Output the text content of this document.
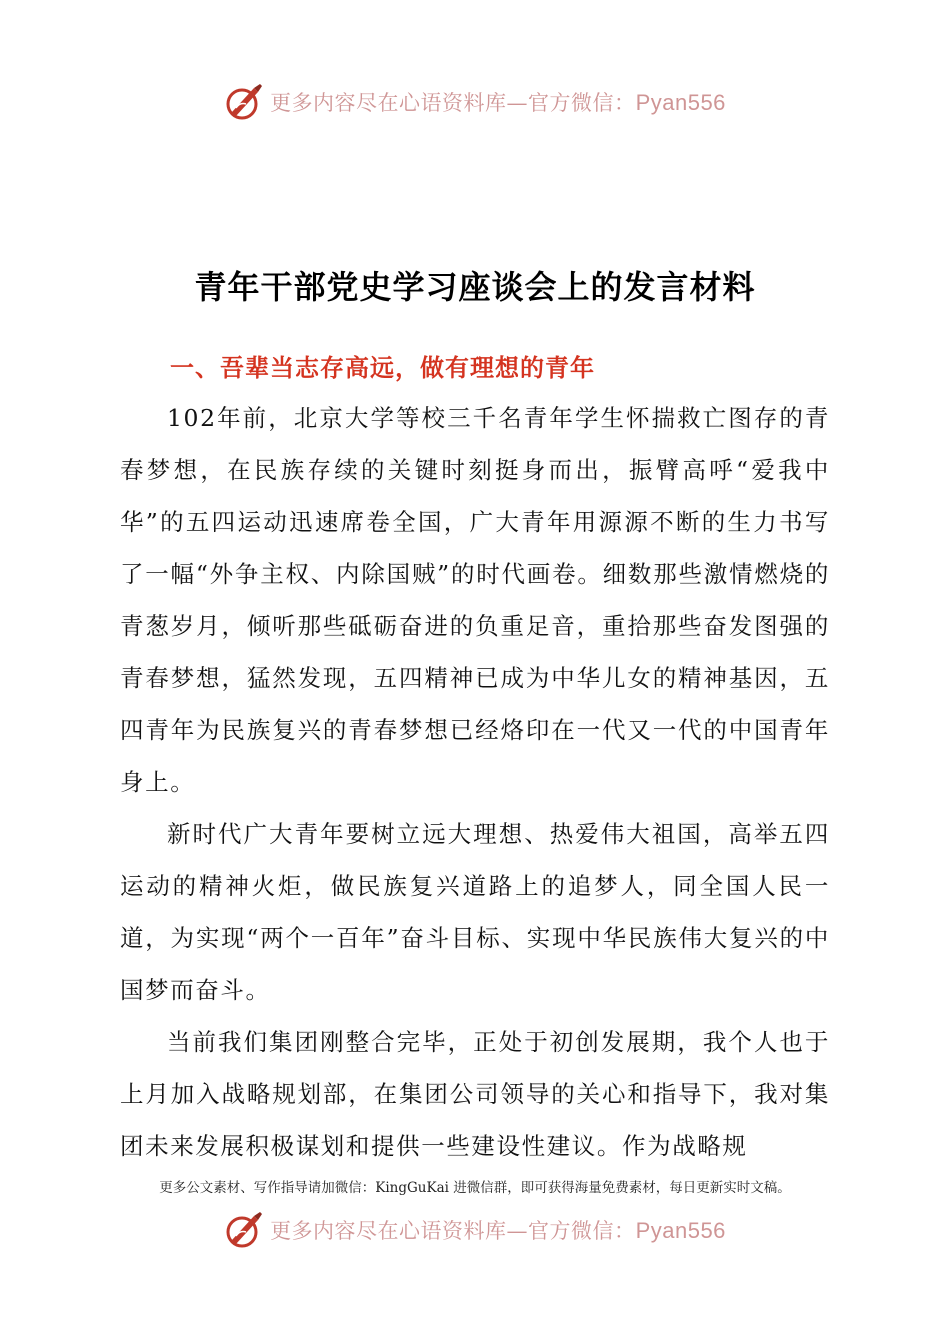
更多内容尽在心语资料库—官方微信：Pyan556
青年干部党史学习座谈会上的发言材料
一、吾辈当志存高远，做有理想的青年

102年前，北京大学等校三千名青年学生怀揣救亡图存的青春梦想，在民族存续的关键时刻挺身而出，振臂高呼“爱我中华”的五四运动迅速席卷全国，广大青年用源源不断的生力书写了一幅“外争主权、内除国贼”的时代画卷。细数那些激情燃烧的青葱岁月，倾听那些砥砺奋进的负重足音，重拾那些奋发图强的青春梦想，猛然发现，五四精神已成为中华儿女的精神基因，五四青年为民族复兴的青春梦想已经烙印在一代又一代的中国青年身上。

新时代广大青年要树立远大理想、热爱伟大祖国，高举五四运动的精神火炬，做民族复兴道路上的追梦人，同全国人民一道，为实现“两个一百年”奋斗目标、实现中华民族伟大复兴的中国梦而奋斗。

当前我们集团刚整合完毕，正处于初创发展期，我个人也于上月加入战略规划部，在集团公司领导的关心和指导下，我对集团未来发展积极谋划和提供一些建设性建议。作为战略规

更多公文素材、写作指导请加微信：KingGuKai 进微信群，即可获得海量免费素材，每日更新实时文稿。

更多内容尽在心语资料库—官方微信：Pyan556
